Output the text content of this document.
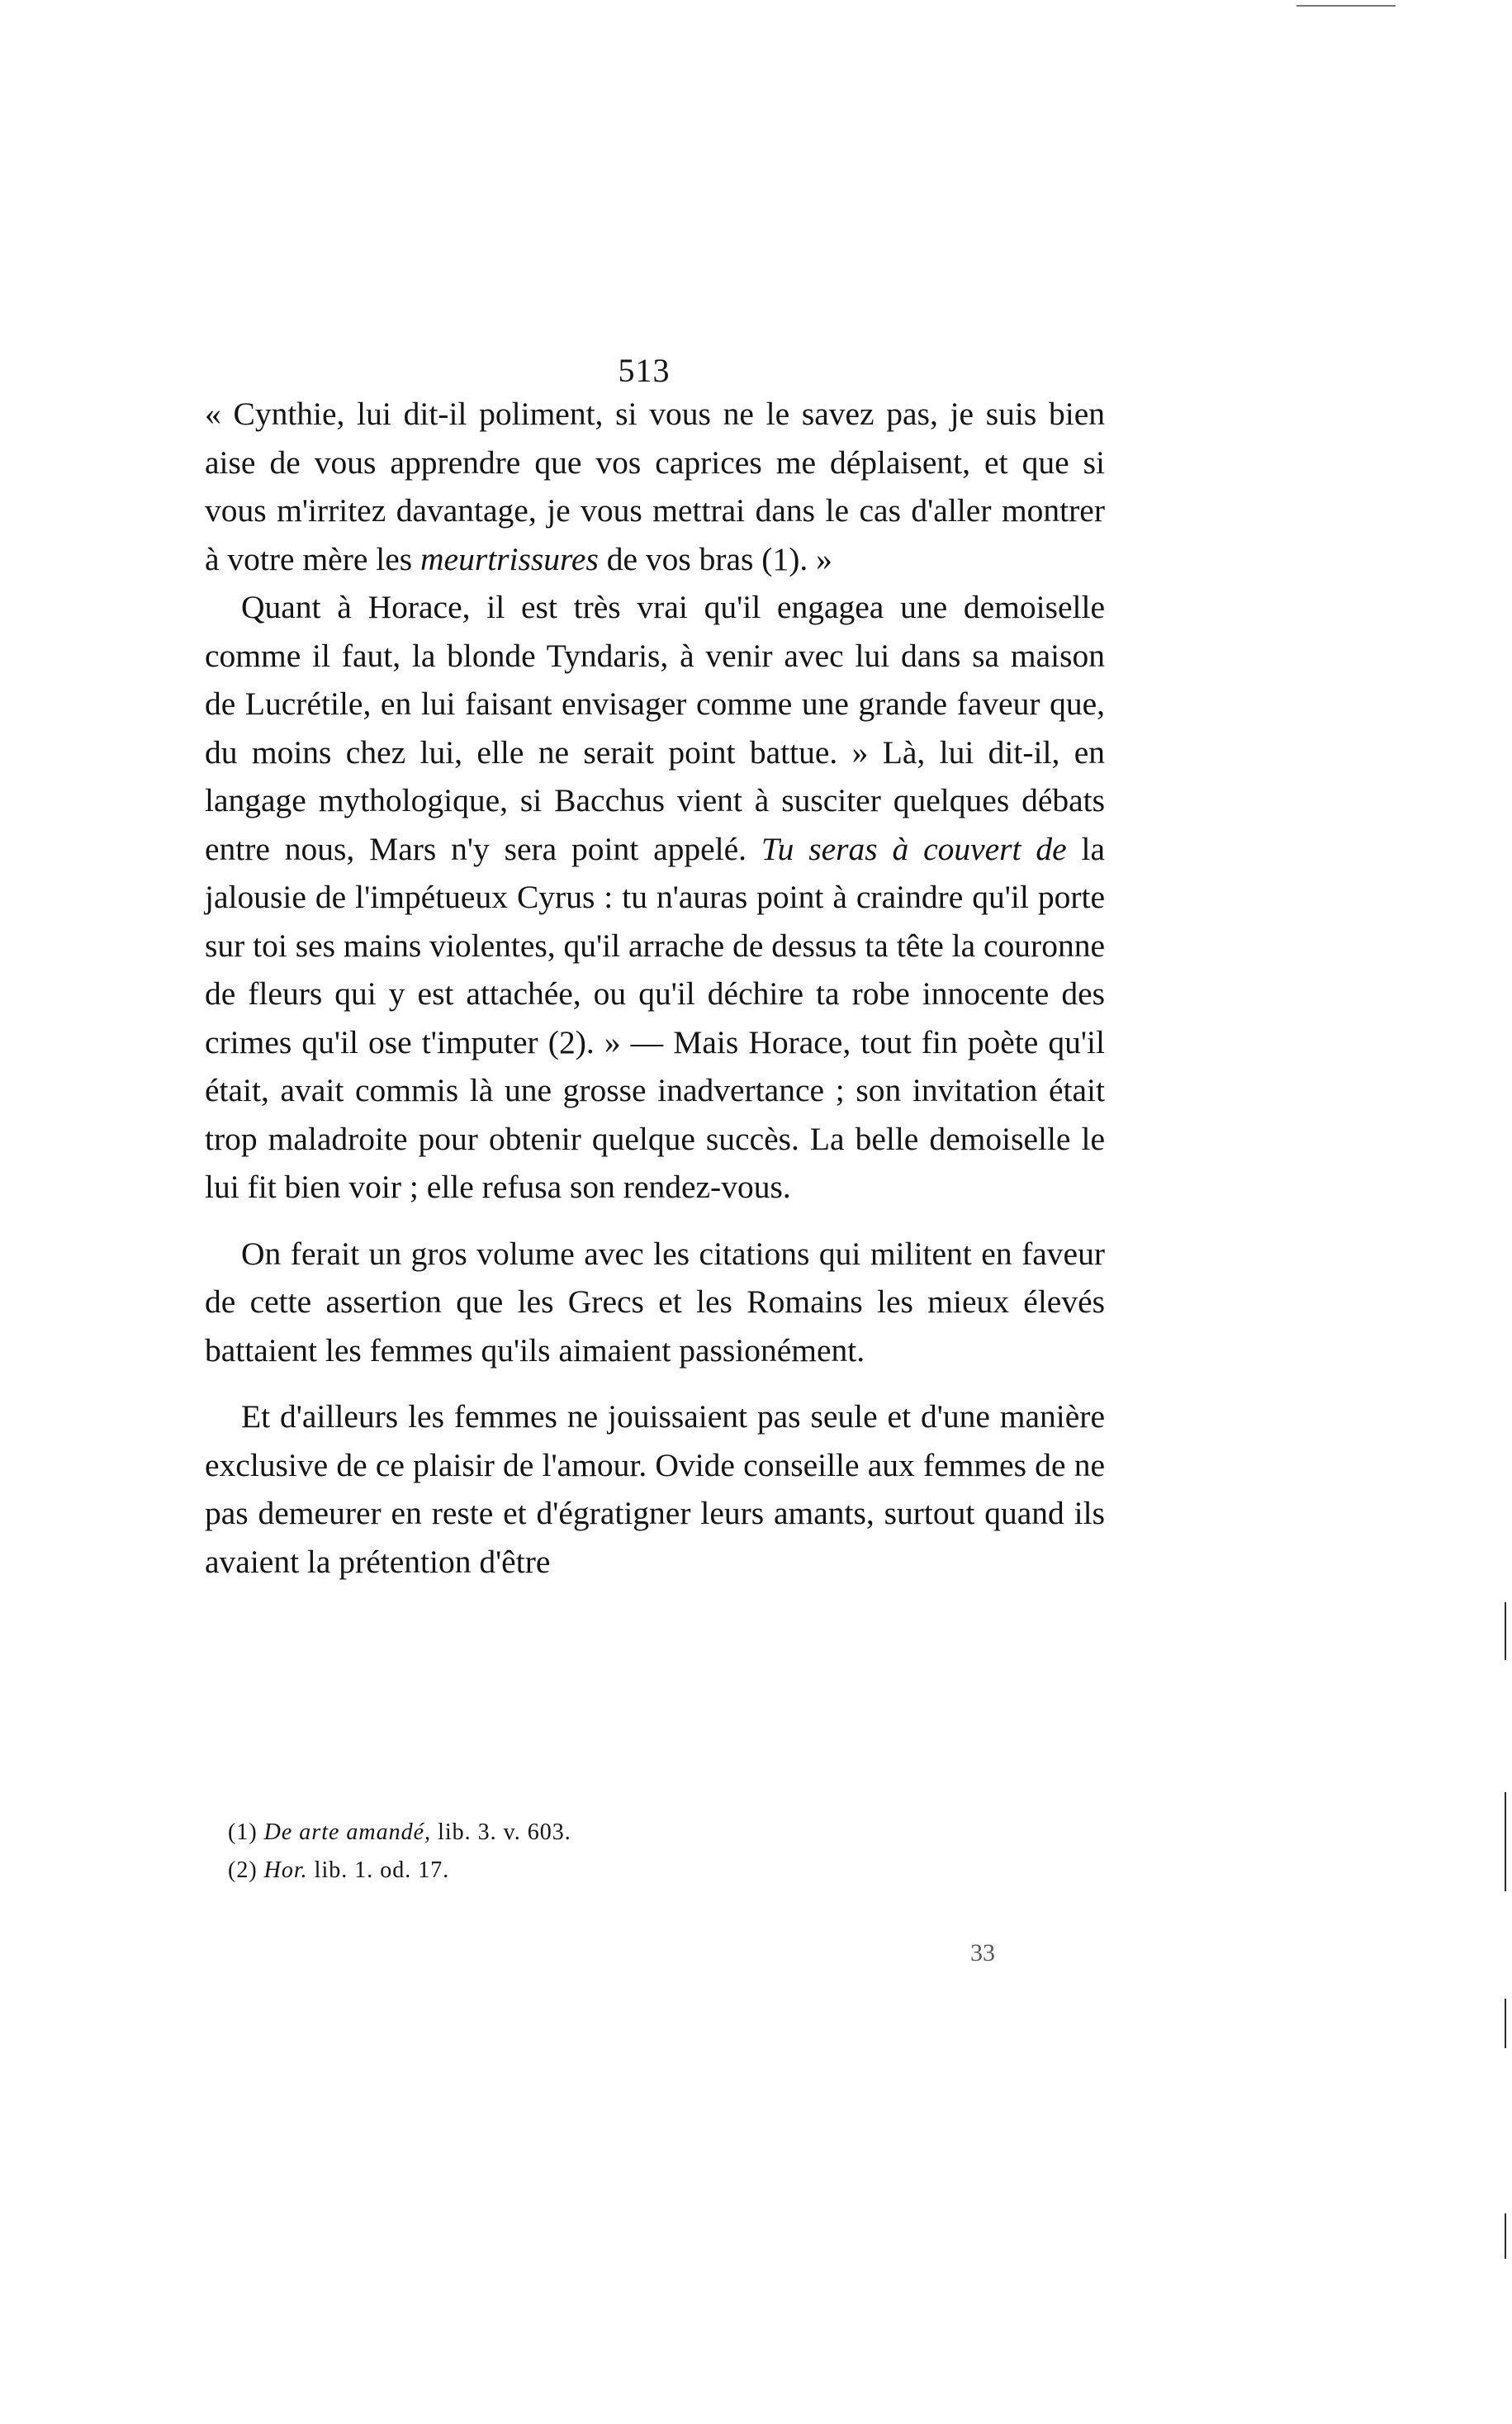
513

« Cynthie, lui dit-il poliment, si vous ne le savez pas, je suis bien aise de vous apprendre que vos caprices me déplaisent, et que si vous m'irritez davantage, je vous mettrai dans le cas d'aller montrer à votre mère les meurtrissures de vos bras (1). »

Quant à Horace, il est très vrai qu'il engagea une demoiselle comme il faut, la blonde Tyndaris, à venir avec lui dans sa maison de Lucrétile, en lui faisant envisager comme une grande faveur que, du moins chez lui, elle ne serait point battue. » Là, lui dit-il, en langage mythologique, si Bacchus vient à susciter quelques débats entre nous, Mars n'y sera point appelé. Tu seras à couvert de la jalousie de l'impétueux Cyrus : tu n'auras point à craindre qu'il porte sur toi ses mains violentes, qu'il arrache de dessus ta tête la couronne de fleurs qui y est attachée, ou qu'il déchire ta robe innocente des crimes qu'il ose t'imputer (2). » — Mais Horace, tout fin poète qu'il était, avait commis là une grosse inadvertance ; son invitation était trop maladroite pour obtenir quelque succès. La belle demoiselle le lui fit bien voir ; elle refusa son rendez-vous.

On ferait un gros volume avec les citations qui militent en faveur de cette assertion que les Grecs et les Romains les mieux élevés battaient les femmes qu'ils aimaient passionément.

Et d'ailleurs les femmes ne jouissaient pas seule et d'une manière exclusive de ce plaisir de l'amour. Ovide conseille aux femmes de ne pas demeurer en reste et d'égratigner leurs amants, surtout quand ils avaient la prétention d'être

(1) De arte amandé, lib. 3. v. 603.

(2) Hor. lib. 1. od. 17.

33
